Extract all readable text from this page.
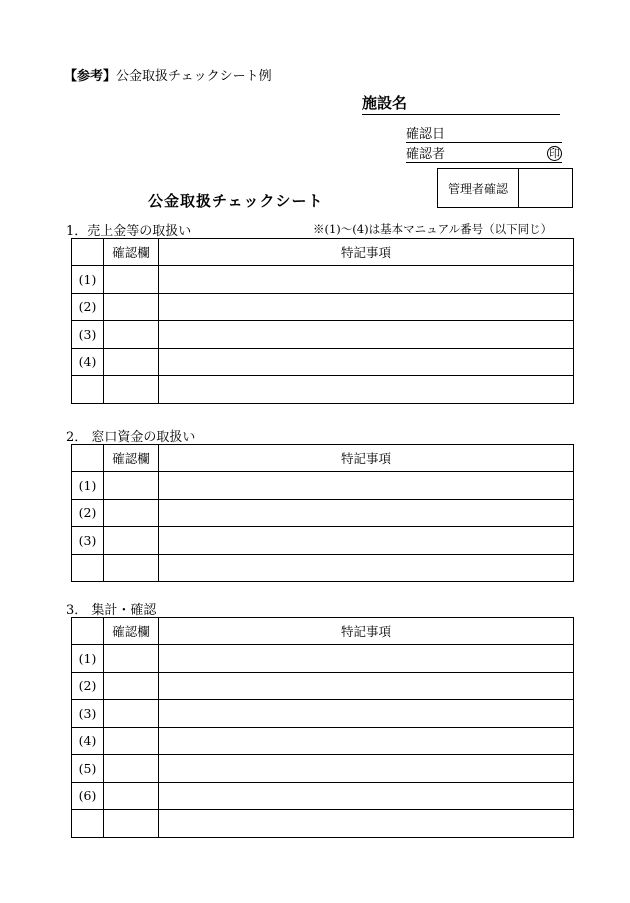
【参考】公金取扱チェックシート例
施設名
確認日
確認者	印
管理者確認
公金取扱チェックシート
1．売上金等の取扱い	※(1)～(4)は基本マニュアル番号（以下同じ）
	確認欄	特記事項
(1)		
(2)		
(3)		
(4)		

2． 窓口資金の取扱い
	確認欄	特記事項
(1)		
(2)		
(3)		

3． 集計・確認
	確認欄	特記事項
(1)		
(2)		
(3)		
(4)		
(5)		
(6)		
